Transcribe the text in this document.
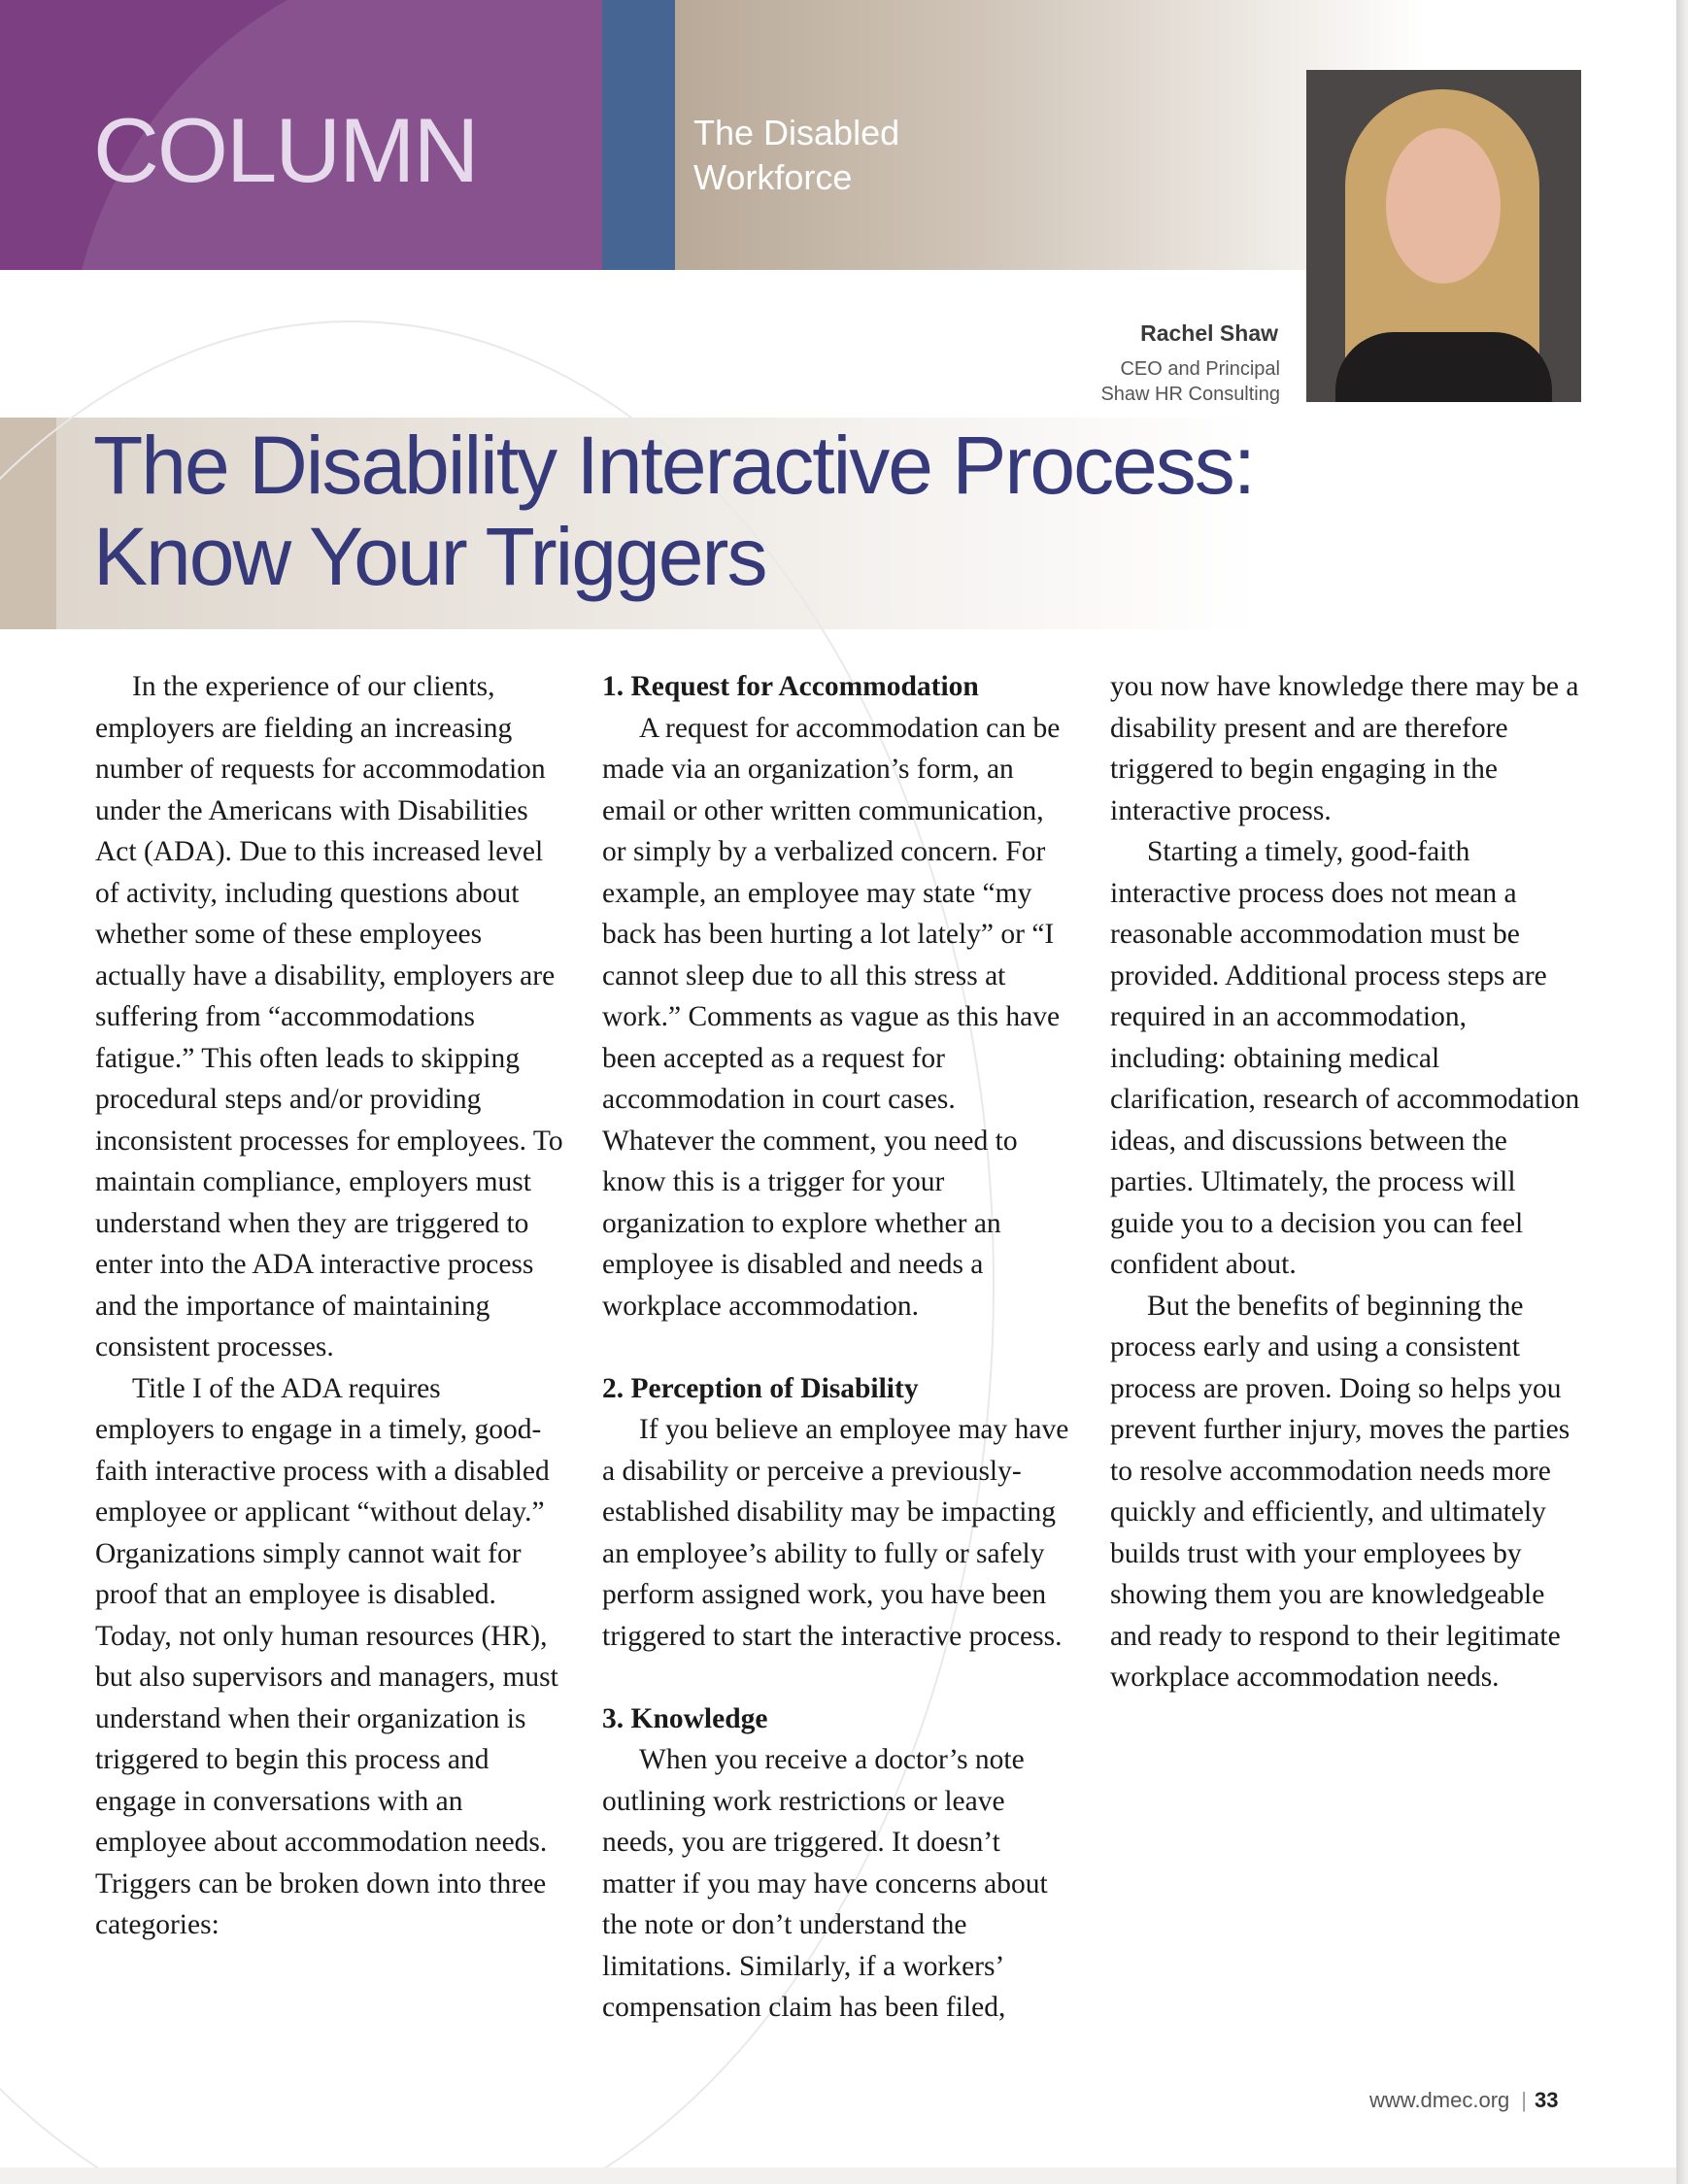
COLUMN	The Disabled
Workforce
Rachel Shaw
CEO and Principal
Shaw HR Consulting
The Disability Interactive Process:
Know Your Triggers

In the experience of our clients, employers are fielding an increasing number of requests for accommodation under the Americans with Disabilities Act (ADA). Due to this increased level of activity, including questions about whether some of these employees actually have a disability, employers are suffering from “accommodations fatigue.” This often leads to skipping procedural steps and/or providing inconsistent processes for employees. To maintain compliance, employers must understand when they are triggered to enter into the ADA interactive process and the importance of maintaining consistent processes.

Title I of the ADA requires employers to engage in a timely, good-faith interactive process with a disabled employee or applicant “without delay.” Organizations simply cannot wait for proof that an employee is disabled. Today, not only human resources (HR), but also supervisors and managers, must understand when their organization is triggered to begin this process and engage in conversations with an employee about accommodation needs. Triggers can be broken down into three categories:

1. Request for Accommodation

A request for accommodation can be made via an organization’s form, an email or other written communication, or simply by a verbalized concern. For example, an employee may state “my back has been hurting a lot lately” or “I cannot sleep due to all this stress at work.” Comments as vague as this have been accepted as a request for accommodation in court cases. Whatever the comment, you need to know this is a trigger for your organization to explore whether an employee is disabled and needs a workplace accommodation.

2. Perception of Disability

If you believe an employee may have a disability or perceive a previously-established disability may be impacting an employee’s ability to fully or safely perform assigned work, you have been triggered to start the interactive process.

3. Knowledge

When you receive a doctor’s note outlining work restrictions or leave needs, you are triggered. It doesn’t matter if you may have concerns about the note or don’t understand the limitations. Similarly, if a workers’ compensation claim has been filed,

you now have knowledge there may be a disability present and are therefore triggered to begin engaging in the interactive process.

Starting a timely, good-faith interactive process does not mean a reasonable accommodation must be provided. Additional process steps are required in an accommodation, including: obtaining medical clarification, research of accommodation ideas, and discussions between the parties. Ultimately, the process will guide you to a decision you can feel confident about.

But the benefits of beginning the process early and using a consistent process are proven. Doing so helps you prevent further injury, moves the parties to resolve accommodation needs more quickly and efficiently, and ultimately builds trust with your employees by showing them you are knowledgeable and ready to respond to their legitimate workplace accommodation needs.

www.dmec.org | 33
